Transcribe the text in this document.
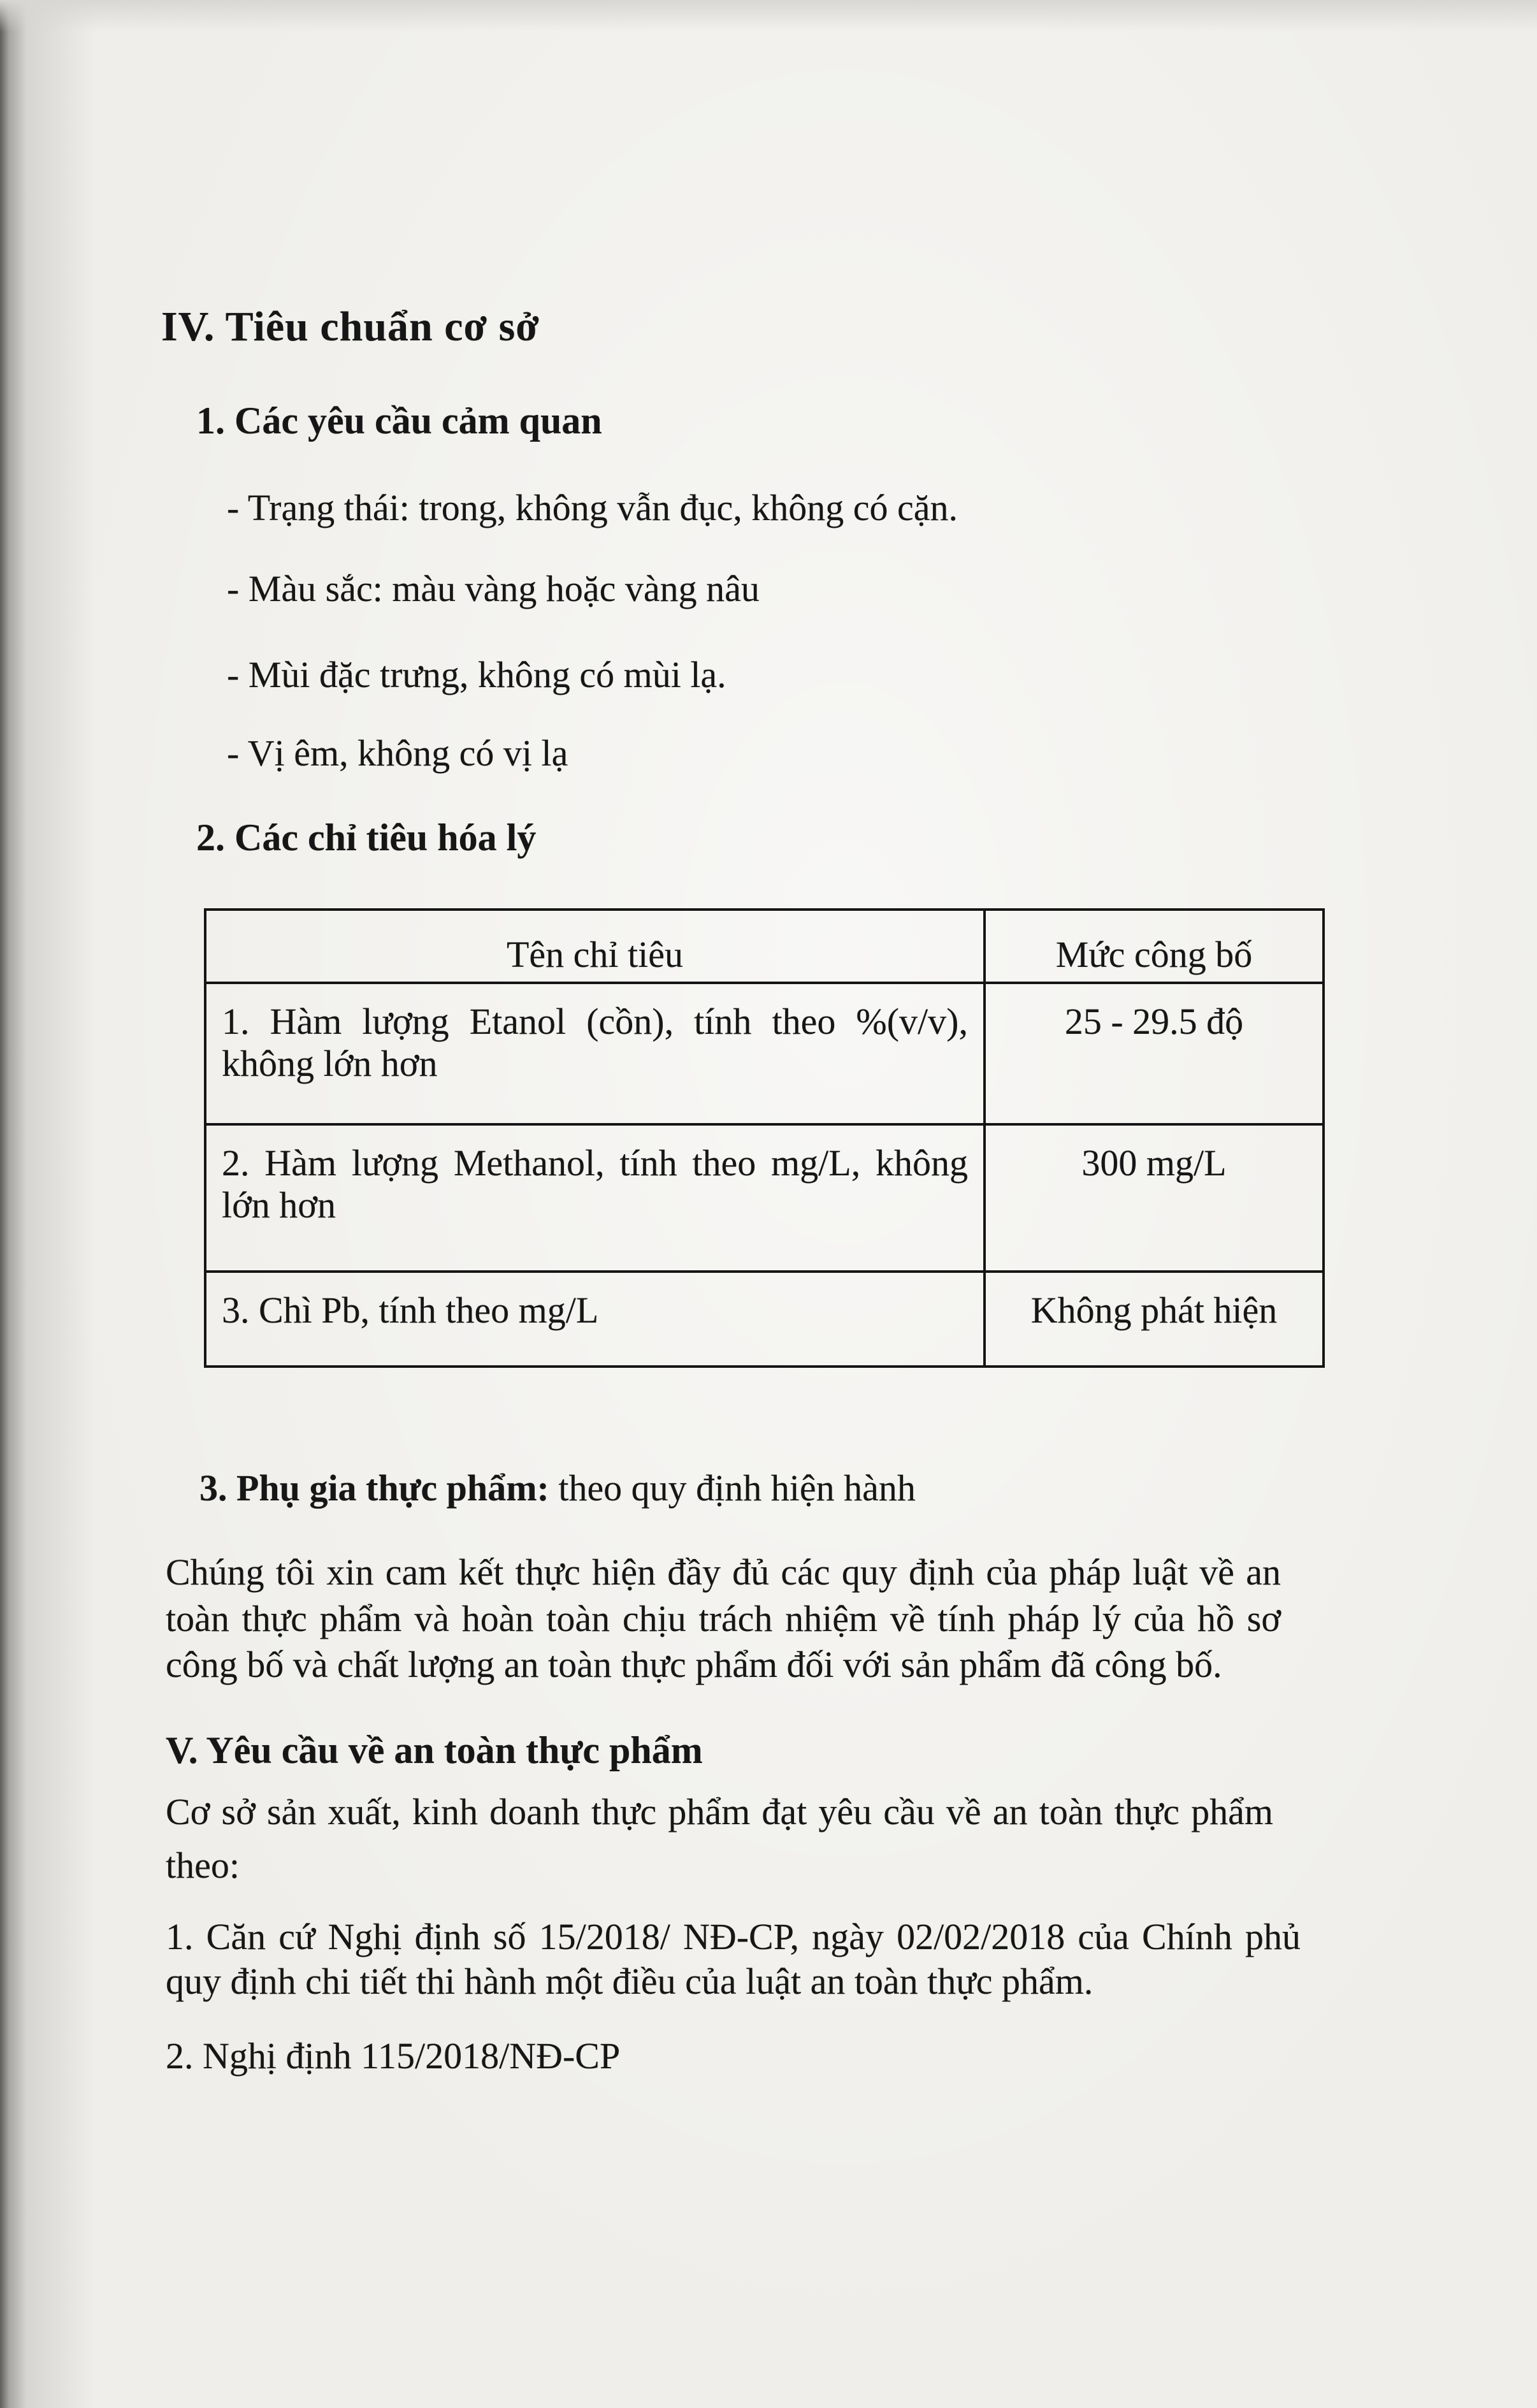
IV. Tiêu chuẩn cơ sở
1. Các yêu cầu cảm quan
- Trạng thái: trong, không vẫn đục, không có cặn.
- Màu sắc: màu vàng hoặc vàng nâu
- Mùi đặc trưng, không có mùi lạ.
- Vị êm, không có vị lạ
2. Các chỉ tiêu hóa lý
Tên chỉ tiêu	Mức công bố

1. Hàm lượng Etanol (cồn), tính theo %(v/v),
không lớn hơn	25 - 29.5 độ

2. Hàm lượng Methanol, tính theo mg/L, không
lớn hơn	300 mg/L

3. Chì Pb, tính theo mg/L	Không phát hiện
3. Phụ gia thực phẩm: theo quy định hiện hành
Chúng tôi xin cam kết thực hiện đầy đủ các quy định của pháp luật về an
toàn thực phẩm và hoàn toàn chịu trách nhiệm về tính pháp lý của hồ sơ
công bố và chất lượng an toàn thực phẩm đối với sản phẩm đã công bố.
V. Yêu cầu về an toàn thực phẩm
Cơ sở sản xuất, kinh doanh thực phẩm đạt yêu cầu về an toàn thực phẩm
theo:
1. Căn cứ Nghị định số 15/2018/ NĐ-CP, ngày 02/02/2018 của Chính phủ
quy định chi tiết thi hành một điều của luật an toàn thực phẩm.
2. Nghị định 115/2018/NĐ-CP
